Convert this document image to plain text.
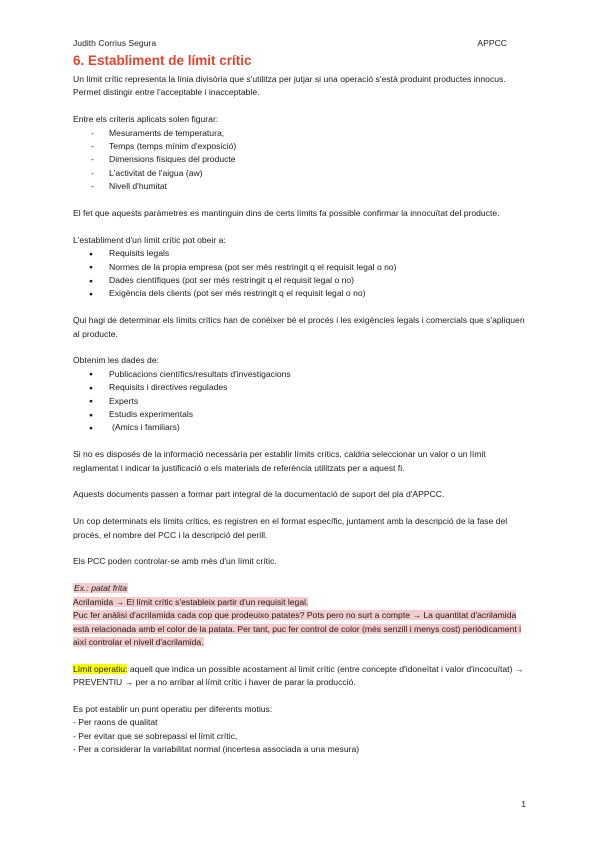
Judith Corrius Segura	APPCC
6. Establiment de límit crític

Un límit crític representa la línia divisòria que s'utilitza per jutjar si una operació s'està produint productes innocus. Permet distingir entre l'acceptable i inacceptable.

Entre els criteris aplicats solen figurar:
- Mesuraments de temperatura,
- Temps (temps mínim d'exposició)
- Dimensions físiques del producte
- L'activitat de l'aigua (aw)
- Nivell d'humitat

El fet que aquests paràmetres es mantinguin dins de certs límits fa possible confirmar la innocuïtat del producte.

L'establiment d'un límit crític pot obeir a:
● Requisits legals
● Normes de la propia empresa (pot ser més restringit q el requisit legal o no)
● Dades científiques (pot ser més restringit q el requisit legal o no)
● Exigència dels clients (pot ser més restringit q el requisit legal o no)

Qui hagi de determinar els límits crítics han de conèixer bé el procés i les exigències legals i comercials que s'apliquen al producte.

Obtenim les dades de:
● Publicacions científics/resultats d'investigacions
● Requisits i directives regulades
● Experts
● Estudis experimentals
● (Amics i familiars)

Si no es disposés de la informació necessària per establir límits crítics, caldria seleccionar un valor o un límit reglamentat i indicar la justificació o els materials de referència utilitzats per a aquest fi.

Aquests documents passen a formar part integral de la documentació de suport del pla d'APPCC.

Un cop determinats els límits crítics, es registren en el format específic, juntament amb la descripció de la fase del procés, el nombre del PCC i la descripció del perill.

Els PCC poden controlar-se amb més d'un límit crític.

Ex.: patat frita
Acrilamida → El límit crític s'estableix partir d'un requisit legal.
Puc fer anàlisi d'acrilamida cada cop que prodeuixo patates? Pots pero no surt a compte → La quantitat d'acrilamida està relacionada amb el color de la patata. Per tant, puc fer control de color (més senzill i menys cost) periòdicament i així controlar el nivell d'acrilamida.

Límit operatiu: aquell que indica un possible acostament al límit crític (entre concepte d'idoneïtat i valor d'incocuïtat) → PREVENTIU → per a no arribar al límit crític i haver de parar la producció.

Es pot establir un punt operatiu per diferents motius:
- Per raons de qualitat
- Per evitar que se sobrepassi el límit crític,
- Per a considerar la variabilitat normal (incertesa associada a una mesura)
1
